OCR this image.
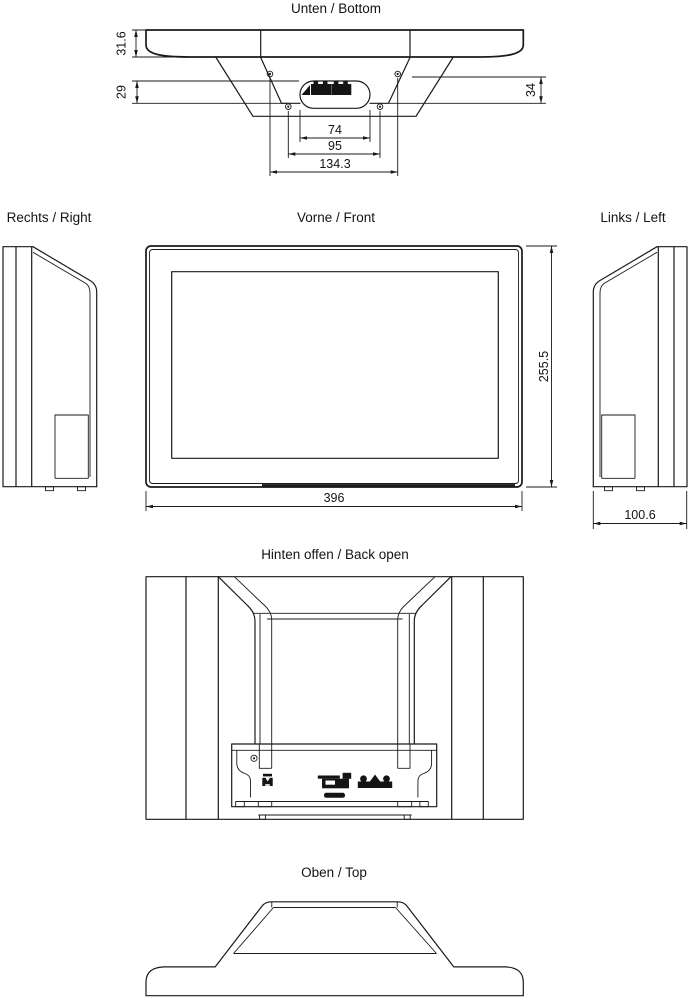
Unten / Bottom
31.6
29	34
74
95
134.3
Rechts / Right	Vorne / Front
396
255.5
Links / Left
100.6
Hinten offen / Back open
Oben / Top
